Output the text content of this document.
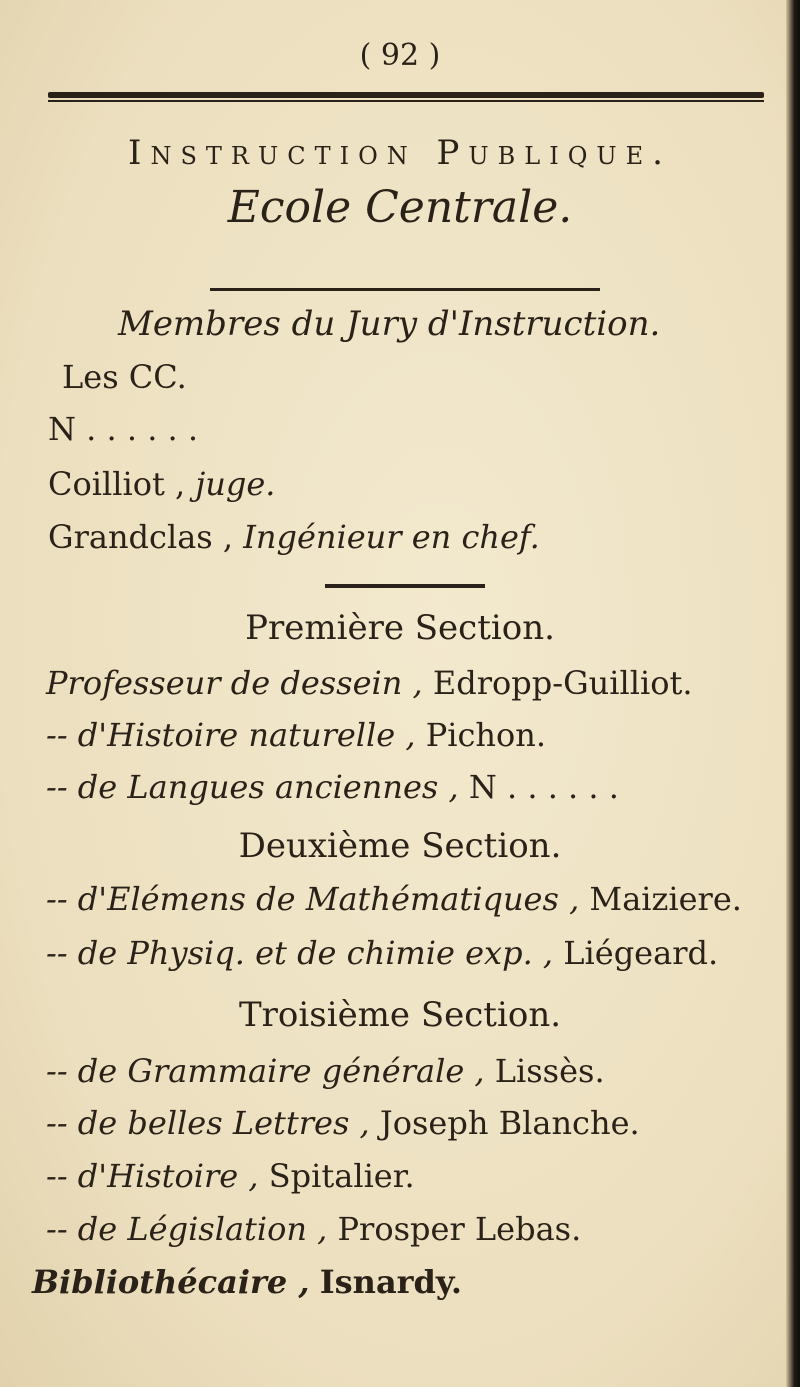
( 92 )
Instruction Publique.
Ecole Centrale.
Membres du Jury d'Instruction.
Les CC.
N . . . . . .
Coilliot , juge.
Grandclas , Ingénieur en chef.
Première Section.
Professeur de dessein , Edropp-Guilliot.
-- d'Histoire naturelle , Pichon.
-- de Langues anciennes , N . . . . . .
Deuxième Section.
-- d'Elémens de Mathématiques , Maiziere.
-- de Physiq. et de chimie exp. , Liégeard.
Troisième Section.
-- de Grammaire générale , Lissès.
-- de belles Lettres , Joseph Blanche.
-- d'Histoire , Spitalier.
-- de Législation , Prosper Lebas.
Bibliothécaire , Isnardy.
